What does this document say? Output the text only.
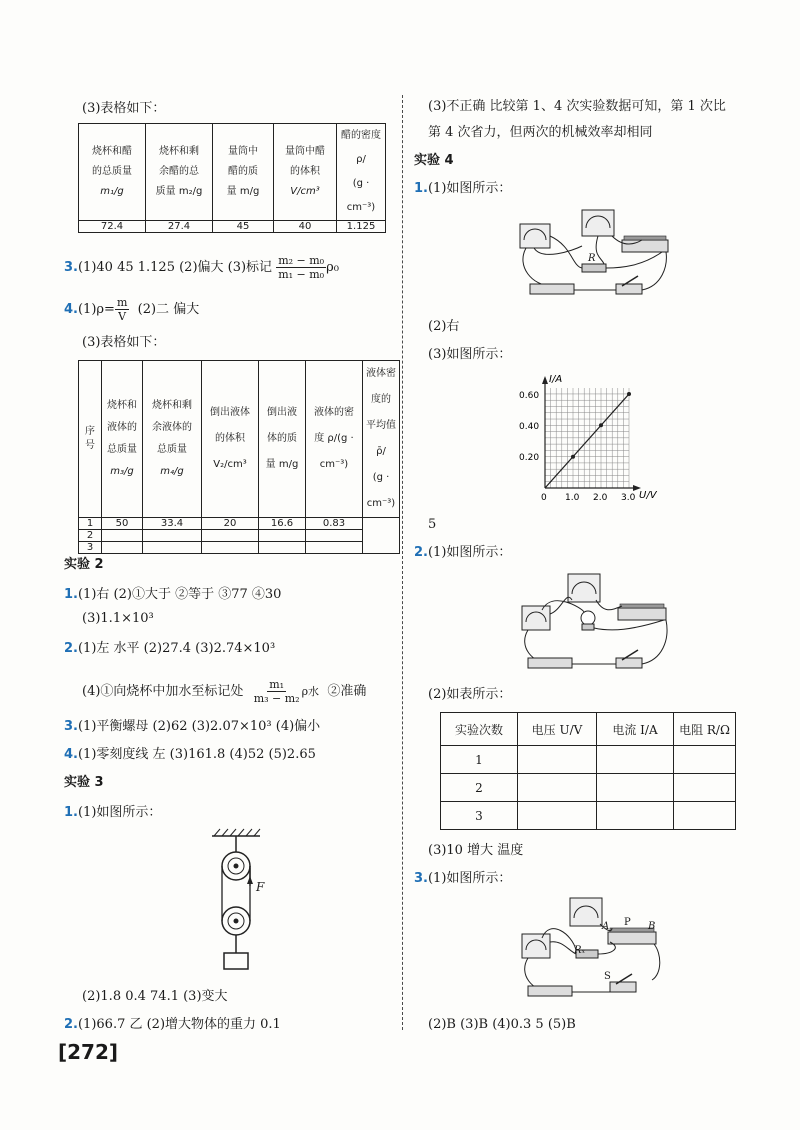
(3)表格如下：
烧杯和醋
的总质量
m₁/g	烧杯和剩
余醋的总
质量 m₂/g	量筒中
醋的质
量 m/g	量筒中醋
的体积
V/cm³	醋的密度 ρ/
(g · cm⁻³)
72.4	27.4	45	40	1.125
3.(1)40 45 1.125 (2)偏大 (3)标记 $\frac{\text{m₂ − m₀}}{\text{m₁ − m₀}} \rho_0$
$4.(1)\rho= \frac{m}{V} (2)$二 偏大
(3)表格如下：
序
号	烧杯和
液体的
总质量
m₃/g	烧杯和剩
余液体的
总质量
m₄/g	倒出液体
的体积
V₂/cm³	倒出液
体的质
量 m/g	液体的密
度 ρ/(g ·
cm⁻³)	液体密度的
平均值 ρ̄/
(g · cm⁻³)
1	50	33.4	20	16.6	0.83	
2						
3						
实验 2
1.(1)右 (2)①大于 ②等于 ③77 ④30
(3)1.1×10³
2.(1)左 水平 (2)27.4 (3)2.74×10³
(4)①向烧杯中加水至标记处 $\frac{\text{m₁}}{\text{m₃ − m₂}}$ ρ水 ②准确
3.(1)平衡螺母 (2)62 (3)2.07×10³ (4)偏小
4.(1)零刻度线 左 (3)161.8 (4)52 (5)2.65
实验 3
1.(1)如图所示：
F
(2)1.8 0.4 74.1 (3)变大
2.(1)66.7 乙 (2)增大物体的重力 0.1
[272]
(3)不正确 比较第 1、4 次实验数据可知，第 1 次比
第 4 次省力，但两次的机械效率却相同
实验 4
1.(1)如图所示：
R
(2)右
(3)如图所示：
I/A
U/V
0.60
0.40
0.20
0 1.0 2.0 3.0
5
2.(1)如图所示：
(2)如表所示：
实验次数	电压 U/V	电流 I/A	电阻 R/Ω
1			
2			
3			
(3)10 增大 温度
3.(1)如图所示：
A P B
Rₓ
S
(2)B (3)B (4)0.3 5 (5)B
